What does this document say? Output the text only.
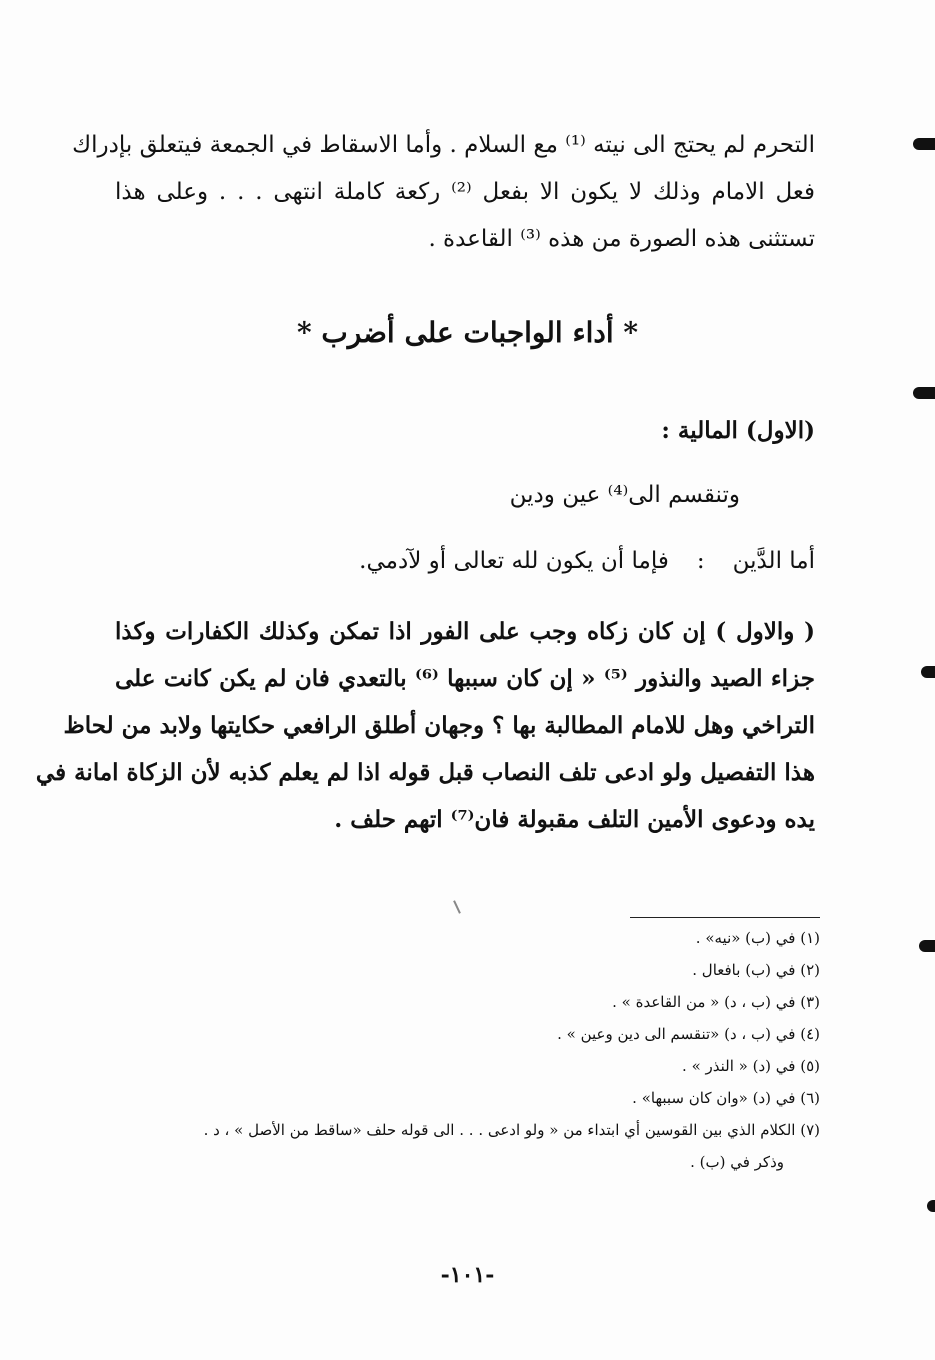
التحرم لم يحتج الى نيته ⁽¹⁾ مع السلام . وأما الاسقاط في الجمعة فيتعلق بإدراك
فعل الامام وذلك لا يكون الا بفعل ⁽²⁾ ركعة كاملة انتهى . . . وعلى هذا
تستثنى هذه الصورة من هذه ⁽³⁾ القاعدة .
* أداء الواجبات على أضرب *
(الاول) المالية :
وتنقسم الى⁽⁴⁾ عين ودين
أما الدَّين:فإما أن يكون لله تعالى أو لآدمي.
( والاول ) إن كان زكاه وجب على الفور اذا تمكن وكذلك الكفارات وكذا
جزاء الصيد والنذور ⁽⁵⁾ « إن كان سببها ⁽⁶⁾ بالتعدي فان لم يكن كانت على
التراخي وهل للامام المطالبة بها ؟ وجهان أطلق الرافعي حكايتها ولابد من لحاظ
هذا التفصيل ولو ادعى تلف النصاب قبل قوله اذا لم يعلم كذبه لأن الزكاة امانة في
يده ودعوى الأمين التلف مقبولة فان⁽⁷⁾ اتهم حلف .
(١) في (ب) «نيه» .
(٢) في (ب) بافعال .
(٣) في (ب ، د) « من القاعدة » .
(٤) في (ب ، د) «تنقسم الى دين وعين » .
(٥) في (د) « النذر » .
(٦) في (د) «وان كان سببها» .
(٧) الكلام الذي بين القوسين أي ابتداء من « ولو ادعى . . . الى قوله حلف «ساقط من الأصل » ، د .
وذكر في (ب) .
-١٠١-
